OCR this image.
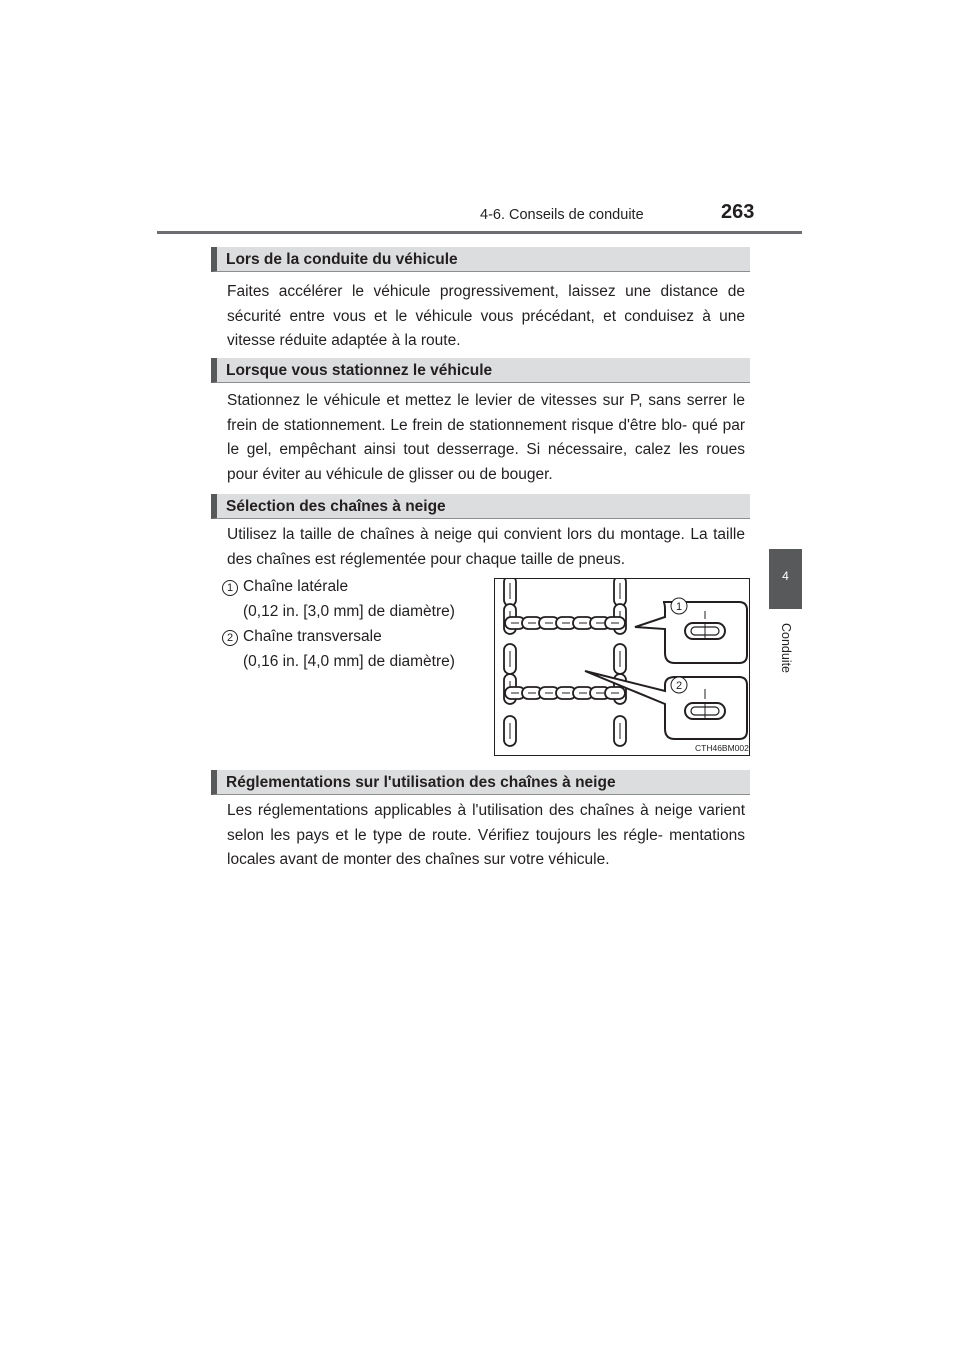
4-6. Conseils de conduite	263
4
Conduite
Lors de la conduite du véhicule

Faites accélérer le véhicule progressivement, laissez une distance de sécurité entre vous et le véhicule vous précédant, et conduisez à une vitesse réduite adaptée à la route.

Lorsque vous stationnez le véhicule

Stationnez le véhicule et mettez le levier de vitesses sur P, sans serrer le frein de stationnement. Le frein de stationnement risque d'être blo- qué par le gel, empêchant ainsi tout desserrage. Si nécessaire, calez les roues pour éviter au véhicule de glisser ou de bouger.

Sélection des chaînes à neige

Utilisez la taille de chaînes à neige qui convient lors du montage. La taille des chaînes est réglementée pour chaque taille de pneus.

1 Chaîne latérale
(0,12 in. [3,0 mm] de diamètre)
2 Chaîne transversale
(0,16 in. [4,0 mm] de diamètre)
1
2
CTH46BM002
Réglementations sur l'utilisation des chaînes à neige

Les réglementations applicables à l'utilisation des chaînes à neige varient selon les pays et le type de route. Vérifiez toujours les régle- mentations locales avant de monter des chaînes sur votre véhicule.
